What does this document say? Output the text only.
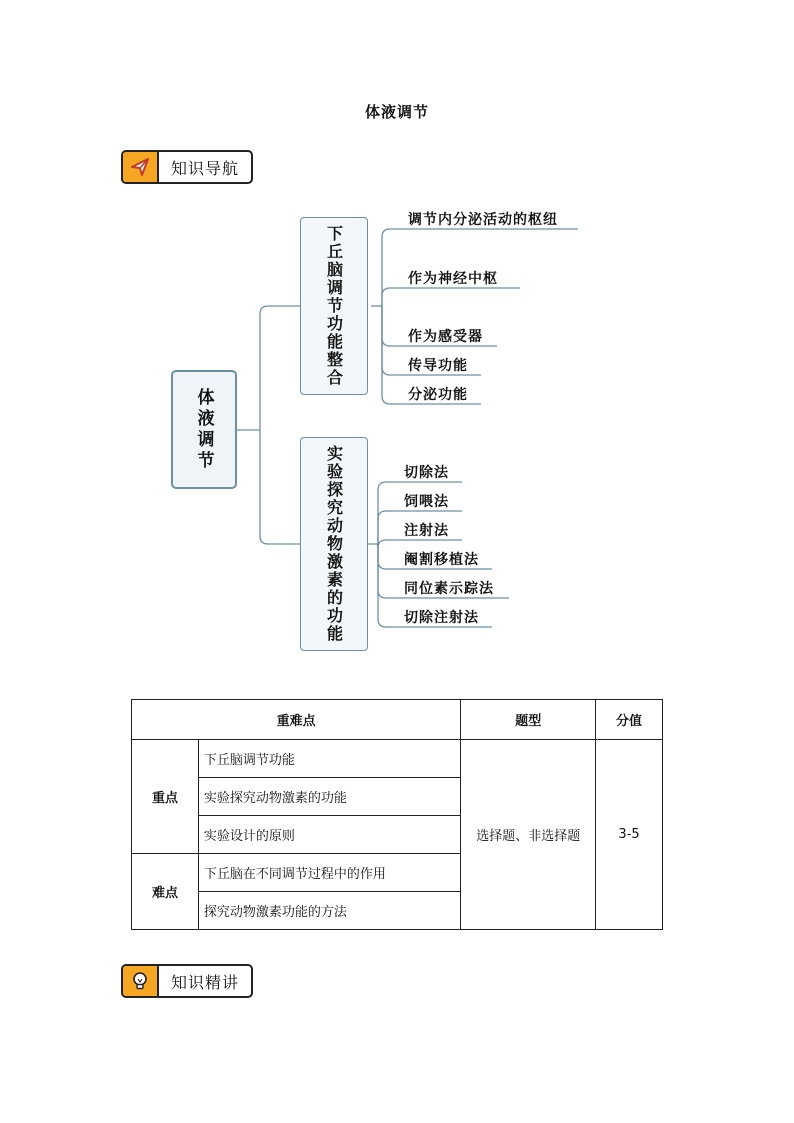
体液调节
知识导航
体液调节
下丘脑调节功能整合
实验探究动物激素的功能
调节内分泌活动的枢纽
作为神经中枢
作为感受器
传导功能
分泌功能
切除法
饲喂法
注射法
阉割移植法
同位素示踪法
切除注射法
重难点		题型	分值
重点	下丘脑调节功能	选择题、非选择题	3-5
	实验探究动物激素的功能		
	实验设计的原则		
难点	下丘脑在不同调节过程中的作用		
	探究动物激素功能的方法		
知识精讲
